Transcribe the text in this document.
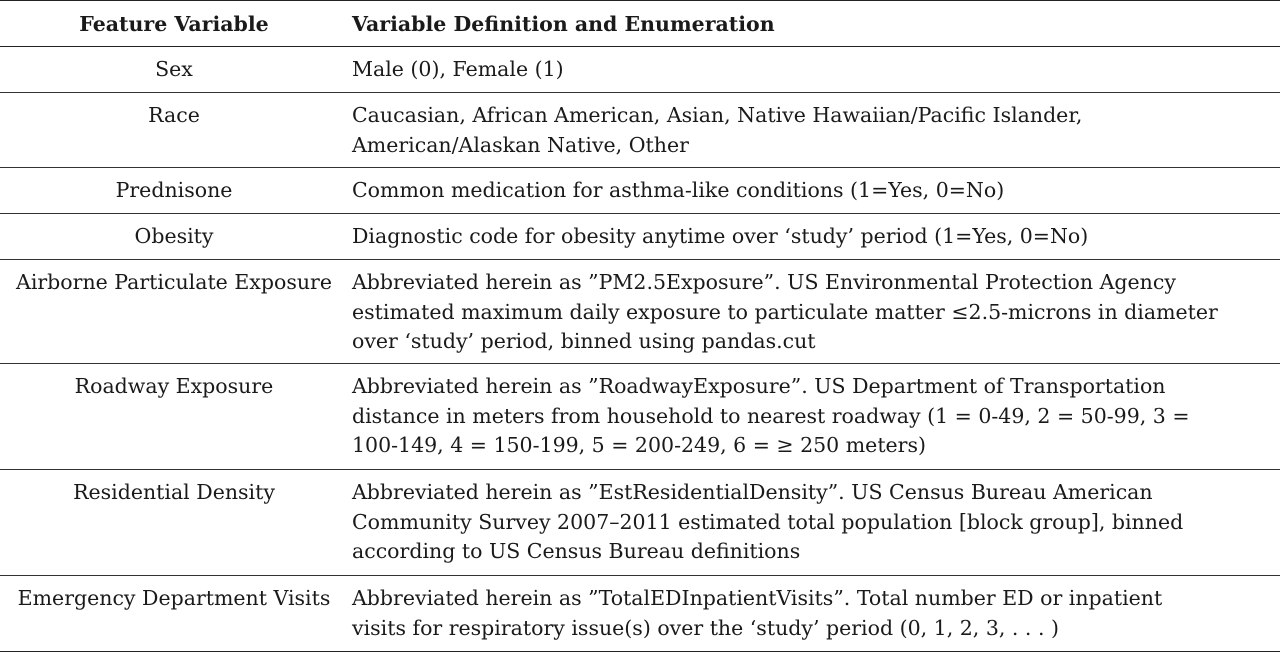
Feature Variable	Variable Definition and Enumeration
Sex	Male (0), Female (1)

Race	Caucasian, African American, Asian, Native Hawaiian/Pacific Islander,
American/Alaskan Native, Other

Prednisone	Common medication for asthma-like conditions (1=Yes, 0=No)

Obesity	Diagnostic code for obesity anytime over ‘study’ period (1=Yes, 0=No)

Airborne Particulate Exposure	Abbreviated herein as ”PM2.5Exposure”. US Environmental Protection Agency
estimated maximum daily exposure to particulate matter ≤2.5-microns in diameter
over ‘study’ period, binned using pandas.cut

Roadway Exposure	Abbreviated herein as ”RoadwayExposure”. US Department of Transportation
distance in meters from household to nearest roadway (1 = 0-49, 2 = 50-99, 3 =
100-149, 4 = 150-199, 5 = 200-249, 6 = ≥ 250 meters)

Residential Density	Abbreviated herein as ”EstResidentialDensity”. US Census Bureau American
Community Survey 2007–2011 estimated total population [block group], binned
according to US Census Bureau definitions

Emergency Department Visits	Abbreviated herein as ”TotalEDInpatientVisits”. Total number ED or inpatient
visits for respiratory issue(s) over the ‘study’ period (0, 1, 2, 3, . . . )
